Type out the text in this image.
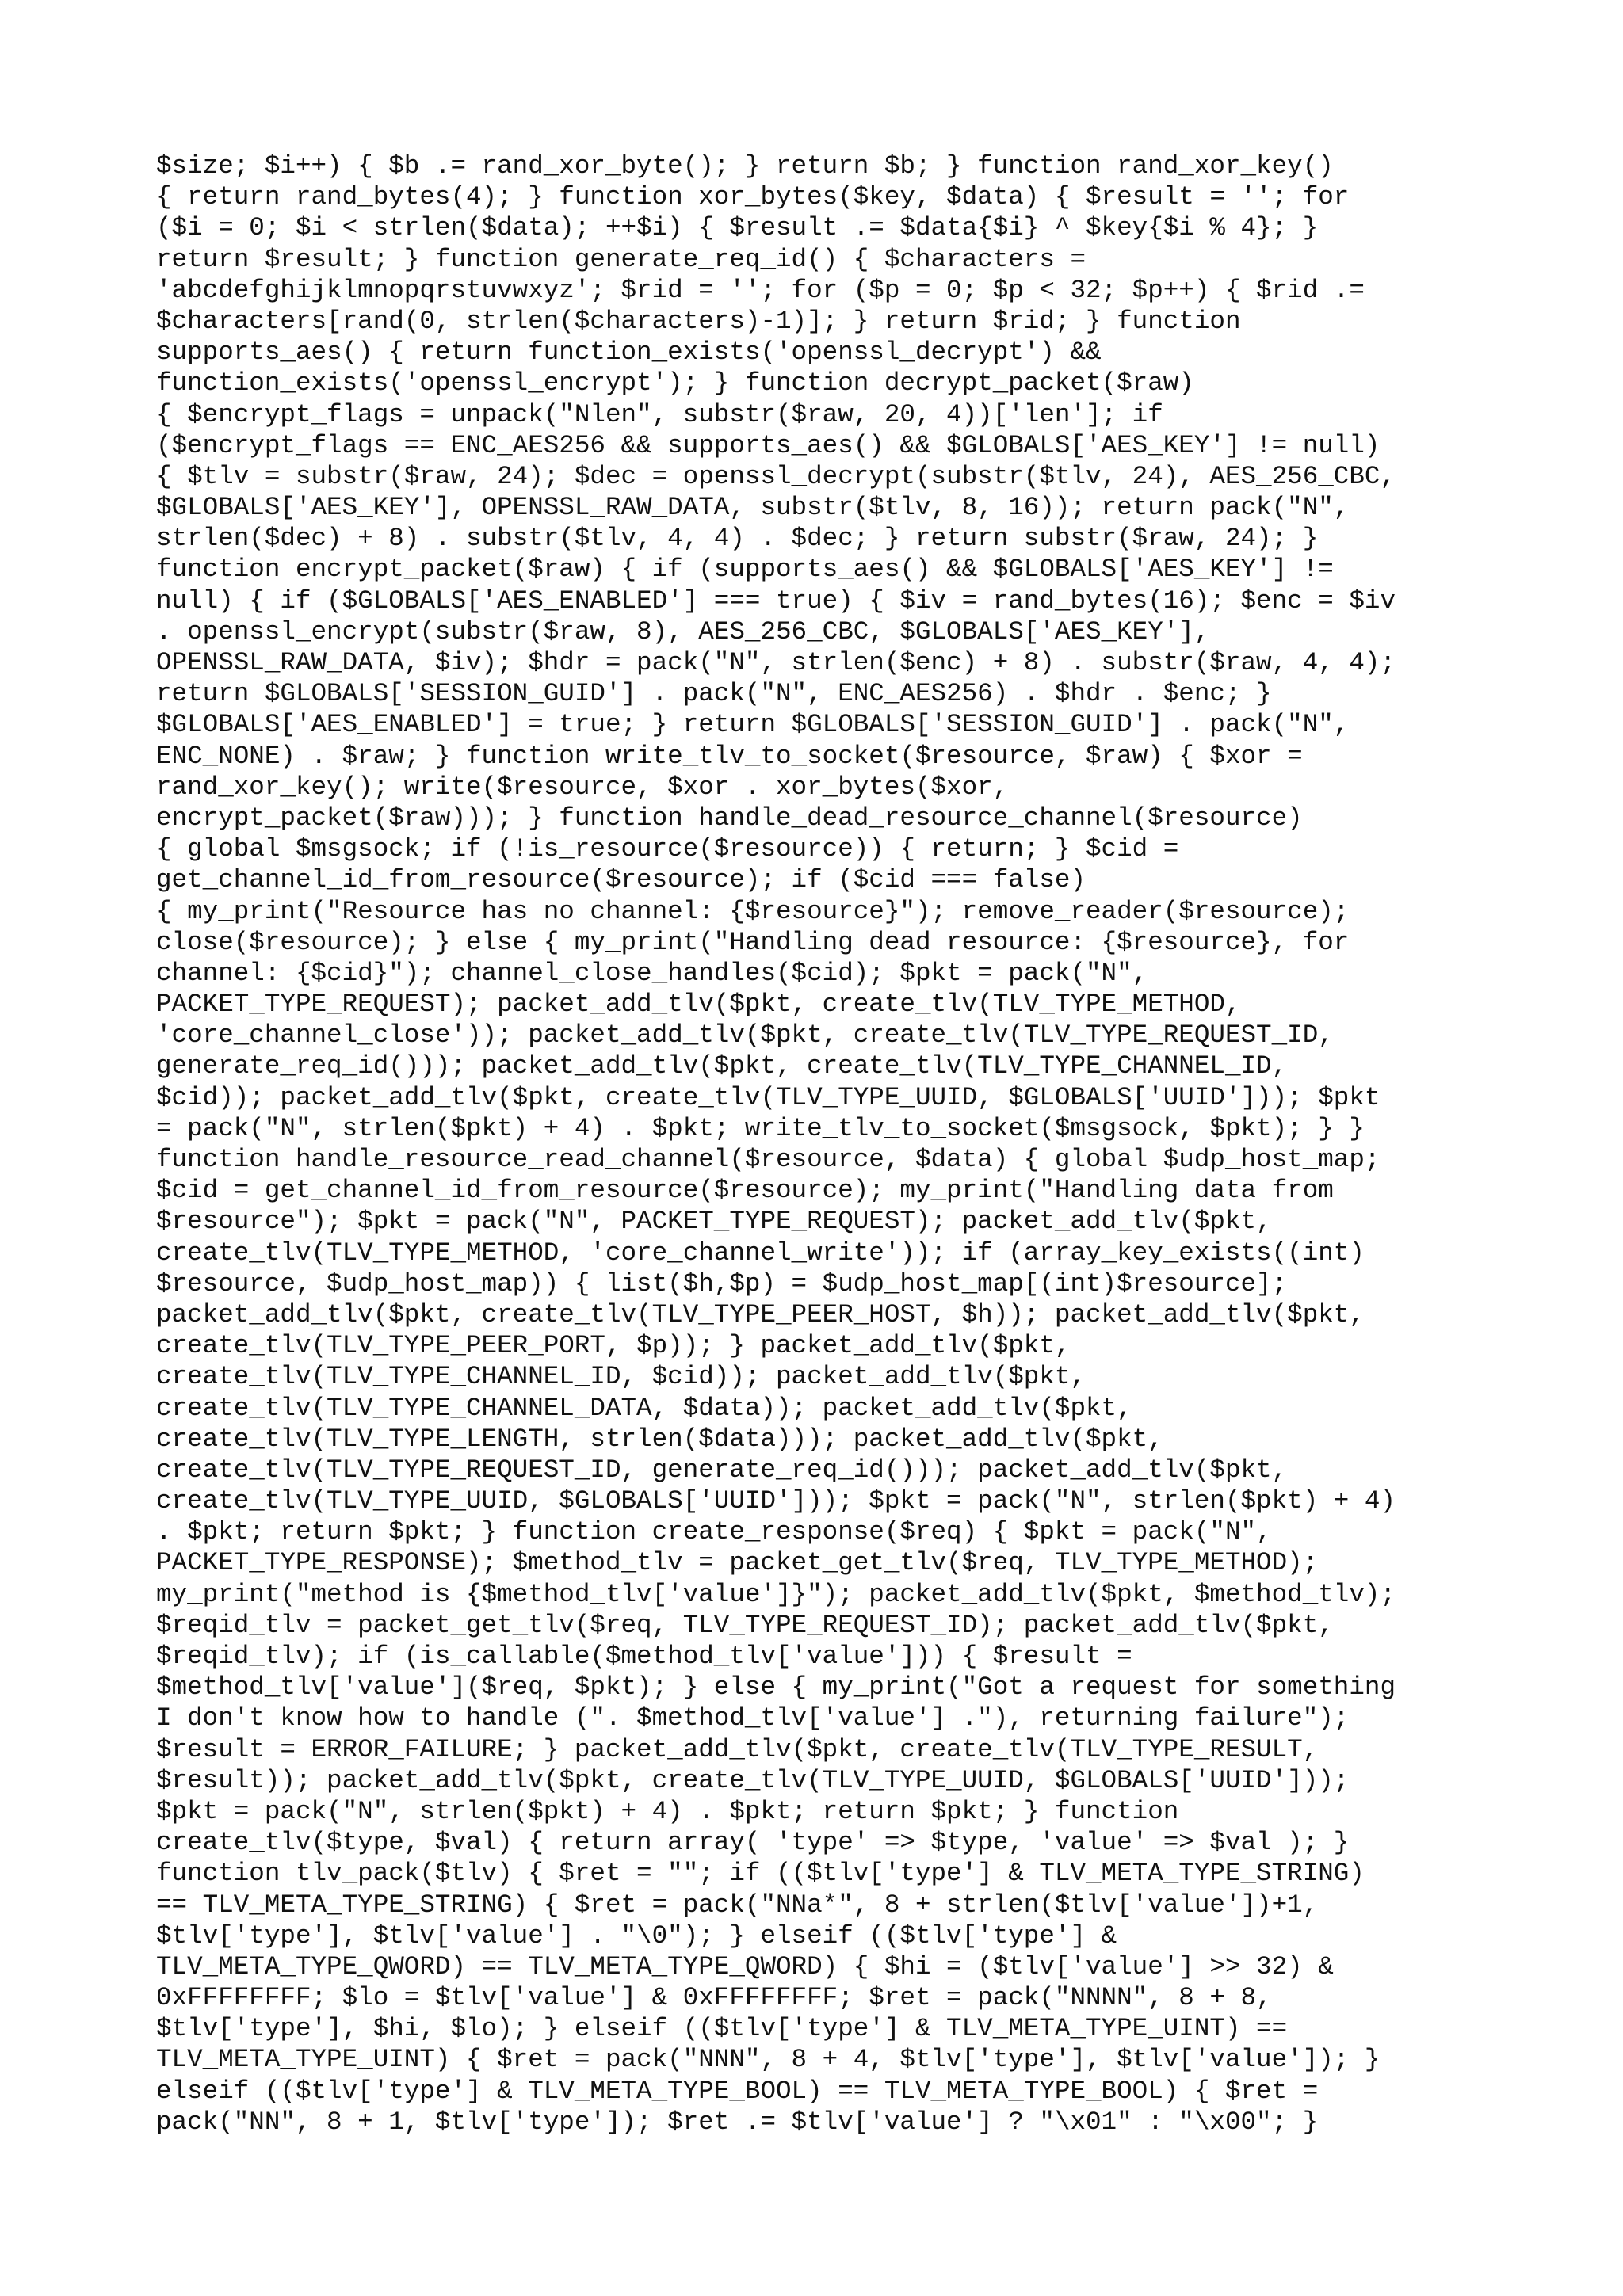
$size; $i++) { $b .= rand_xor_byte(); } return $b; } function rand_xor_key()
{ return rand_bytes(4); } function xor_bytes($key, $data) { $result = ''; for
($i = 0; $i < strlen($data); ++$i) { $result .= $data{$i} ^ $key{$i % 4}; }
return $result; } function generate_req_id() { $characters =
'abcdefghijklmnopqrstuvwxyz'; $rid = ''; for ($p = 0; $p < 32; $p++) { $rid .=
$characters[rand(0, strlen($characters)-1)]; } return $rid; } function
supports_aes() { return function_exists('openssl_decrypt') &&
function_exists('openssl_encrypt'); } function decrypt_packet($raw)
{ $encrypt_flags = unpack("Nlen", substr($raw, 20, 4))['len']; if
($encrypt_flags == ENC_AES256 && supports_aes() && $GLOBALS['AES_KEY'] != null)
{ $tlv = substr($raw, 24); $dec = openssl_decrypt(substr($tlv, 24), AES_256_CBC,
$GLOBALS['AES_KEY'], OPENSSL_RAW_DATA, substr($tlv, 8, 16)); return pack("N",
strlen($dec) + 8) . substr($tlv, 4, 4) . $dec; } return substr($raw, 24); }
function encrypt_packet($raw) { if (supports_aes() && $GLOBALS['AES_KEY'] !=
null) { if ($GLOBALS['AES_ENABLED'] === true) { $iv = rand_bytes(16); $enc = $iv
. openssl_encrypt(substr($raw, 8), AES_256_CBC, $GLOBALS['AES_KEY'],
OPENSSL_RAW_DATA, $iv); $hdr = pack("N", strlen($enc) + 8) . substr($raw, 4, 4);
return $GLOBALS['SESSION_GUID'] . pack("N", ENC_AES256) . $hdr . $enc; }
$GLOBALS['AES_ENABLED'] = true; } return $GLOBALS['SESSION_GUID'] . pack("N",
ENC_NONE) . $raw; } function write_tlv_to_socket($resource, $raw) { $xor =
rand_xor_key(); write($resource, $xor . xor_bytes($xor,
encrypt_packet($raw))); } function handle_dead_resource_channel($resource)
{ global $msgsock; if (!is_resource($resource)) { return; } $cid =
get_channel_id_from_resource($resource); if ($cid === false)
{ my_print("Resource has no channel: {$resource}"); remove_reader($resource);
close($resource); } else { my_print("Handling dead resource: {$resource}, for
channel: {$cid}"); channel_close_handles($cid); $pkt = pack("N",
PACKET_TYPE_REQUEST); packet_add_tlv($pkt, create_tlv(TLV_TYPE_METHOD,
'core_channel_close')); packet_add_tlv($pkt, create_tlv(TLV_TYPE_REQUEST_ID,
generate_req_id())); packet_add_tlv($pkt, create_tlv(TLV_TYPE_CHANNEL_ID,
$cid)); packet_add_tlv($pkt, create_tlv(TLV_TYPE_UUID, $GLOBALS['UUID'])); $pkt
= pack("N", strlen($pkt) + 4) . $pkt; write_tlv_to_socket($msgsock, $pkt); } }
function handle_resource_read_channel($resource, $data) { global $udp_host_map;
$cid = get_channel_id_from_resource($resource); my_print("Handling data from
$resource"); $pkt = pack("N", PACKET_TYPE_REQUEST); packet_add_tlv($pkt,
create_tlv(TLV_TYPE_METHOD, 'core_channel_write')); if (array_key_exists((int)
$resource, $udp_host_map)) { list($h,$p) = $udp_host_map[(int)$resource];
packet_add_tlv($pkt, create_tlv(TLV_TYPE_PEER_HOST, $h)); packet_add_tlv($pkt,
create_tlv(TLV_TYPE_PEER_PORT, $p)); } packet_add_tlv($pkt,
create_tlv(TLV_TYPE_CHANNEL_ID, $cid)); packet_add_tlv($pkt,
create_tlv(TLV_TYPE_CHANNEL_DATA, $data)); packet_add_tlv($pkt,
create_tlv(TLV_TYPE_LENGTH, strlen($data))); packet_add_tlv($pkt,
create_tlv(TLV_TYPE_REQUEST_ID, generate_req_id())); packet_add_tlv($pkt,
create_tlv(TLV_TYPE_UUID, $GLOBALS['UUID'])); $pkt = pack("N", strlen($pkt) + 4)
. $pkt; return $pkt; } function create_response($req) { $pkt = pack("N",
PACKET_TYPE_RESPONSE); $method_tlv = packet_get_tlv($req, TLV_TYPE_METHOD);
my_print("method is {$method_tlv['value']}"); packet_add_tlv($pkt, $method_tlv);
$reqid_tlv = packet_get_tlv($req, TLV_TYPE_REQUEST_ID); packet_add_tlv($pkt,
$reqid_tlv); if (is_callable($method_tlv['value'])) { $result =
$method_tlv['value']($req, $pkt); } else { my_print("Got a request for something
I don't know how to handle (". $method_tlv['value'] ."), returning failure");
$result = ERROR_FAILURE; } packet_add_tlv($pkt, create_tlv(TLV_TYPE_RESULT,
$result)); packet_add_tlv($pkt, create_tlv(TLV_TYPE_UUID, $GLOBALS['UUID']));
$pkt = pack("N", strlen($pkt) + 4) . $pkt; return $pkt; } function
create_tlv($type, $val) { return array( 'type' => $type, 'value' => $val ); }
function tlv_pack($tlv) { $ret = ""; if (($tlv['type'] & TLV_META_TYPE_STRING)
== TLV_META_TYPE_STRING) { $ret = pack("NNa*", 8 + strlen($tlv['value'])+1,
$tlv['type'], $tlv['value'] . "\0"); } elseif (($tlv['type'] &
TLV_META_TYPE_QWORD) == TLV_META_TYPE_QWORD) { $hi = ($tlv['value'] >> 32) &
0xFFFFFFFF; $lo = $tlv['value'] & 0xFFFFFFFF; $ret = pack("NNNN", 8 + 8,
$tlv['type'], $hi, $lo); } elseif (($tlv['type'] & TLV_META_TYPE_UINT) ==
TLV_META_TYPE_UINT) { $ret = pack("NNN", 8 + 4, $tlv['type'], $tlv['value']); }
elseif (($tlv['type'] & TLV_META_TYPE_BOOL) == TLV_META_TYPE_BOOL) { $ret =
pack("NN", 8 + 1, $tlv['type']); $ret .= $tlv['value'] ? "\x01" : "\x00"; }
